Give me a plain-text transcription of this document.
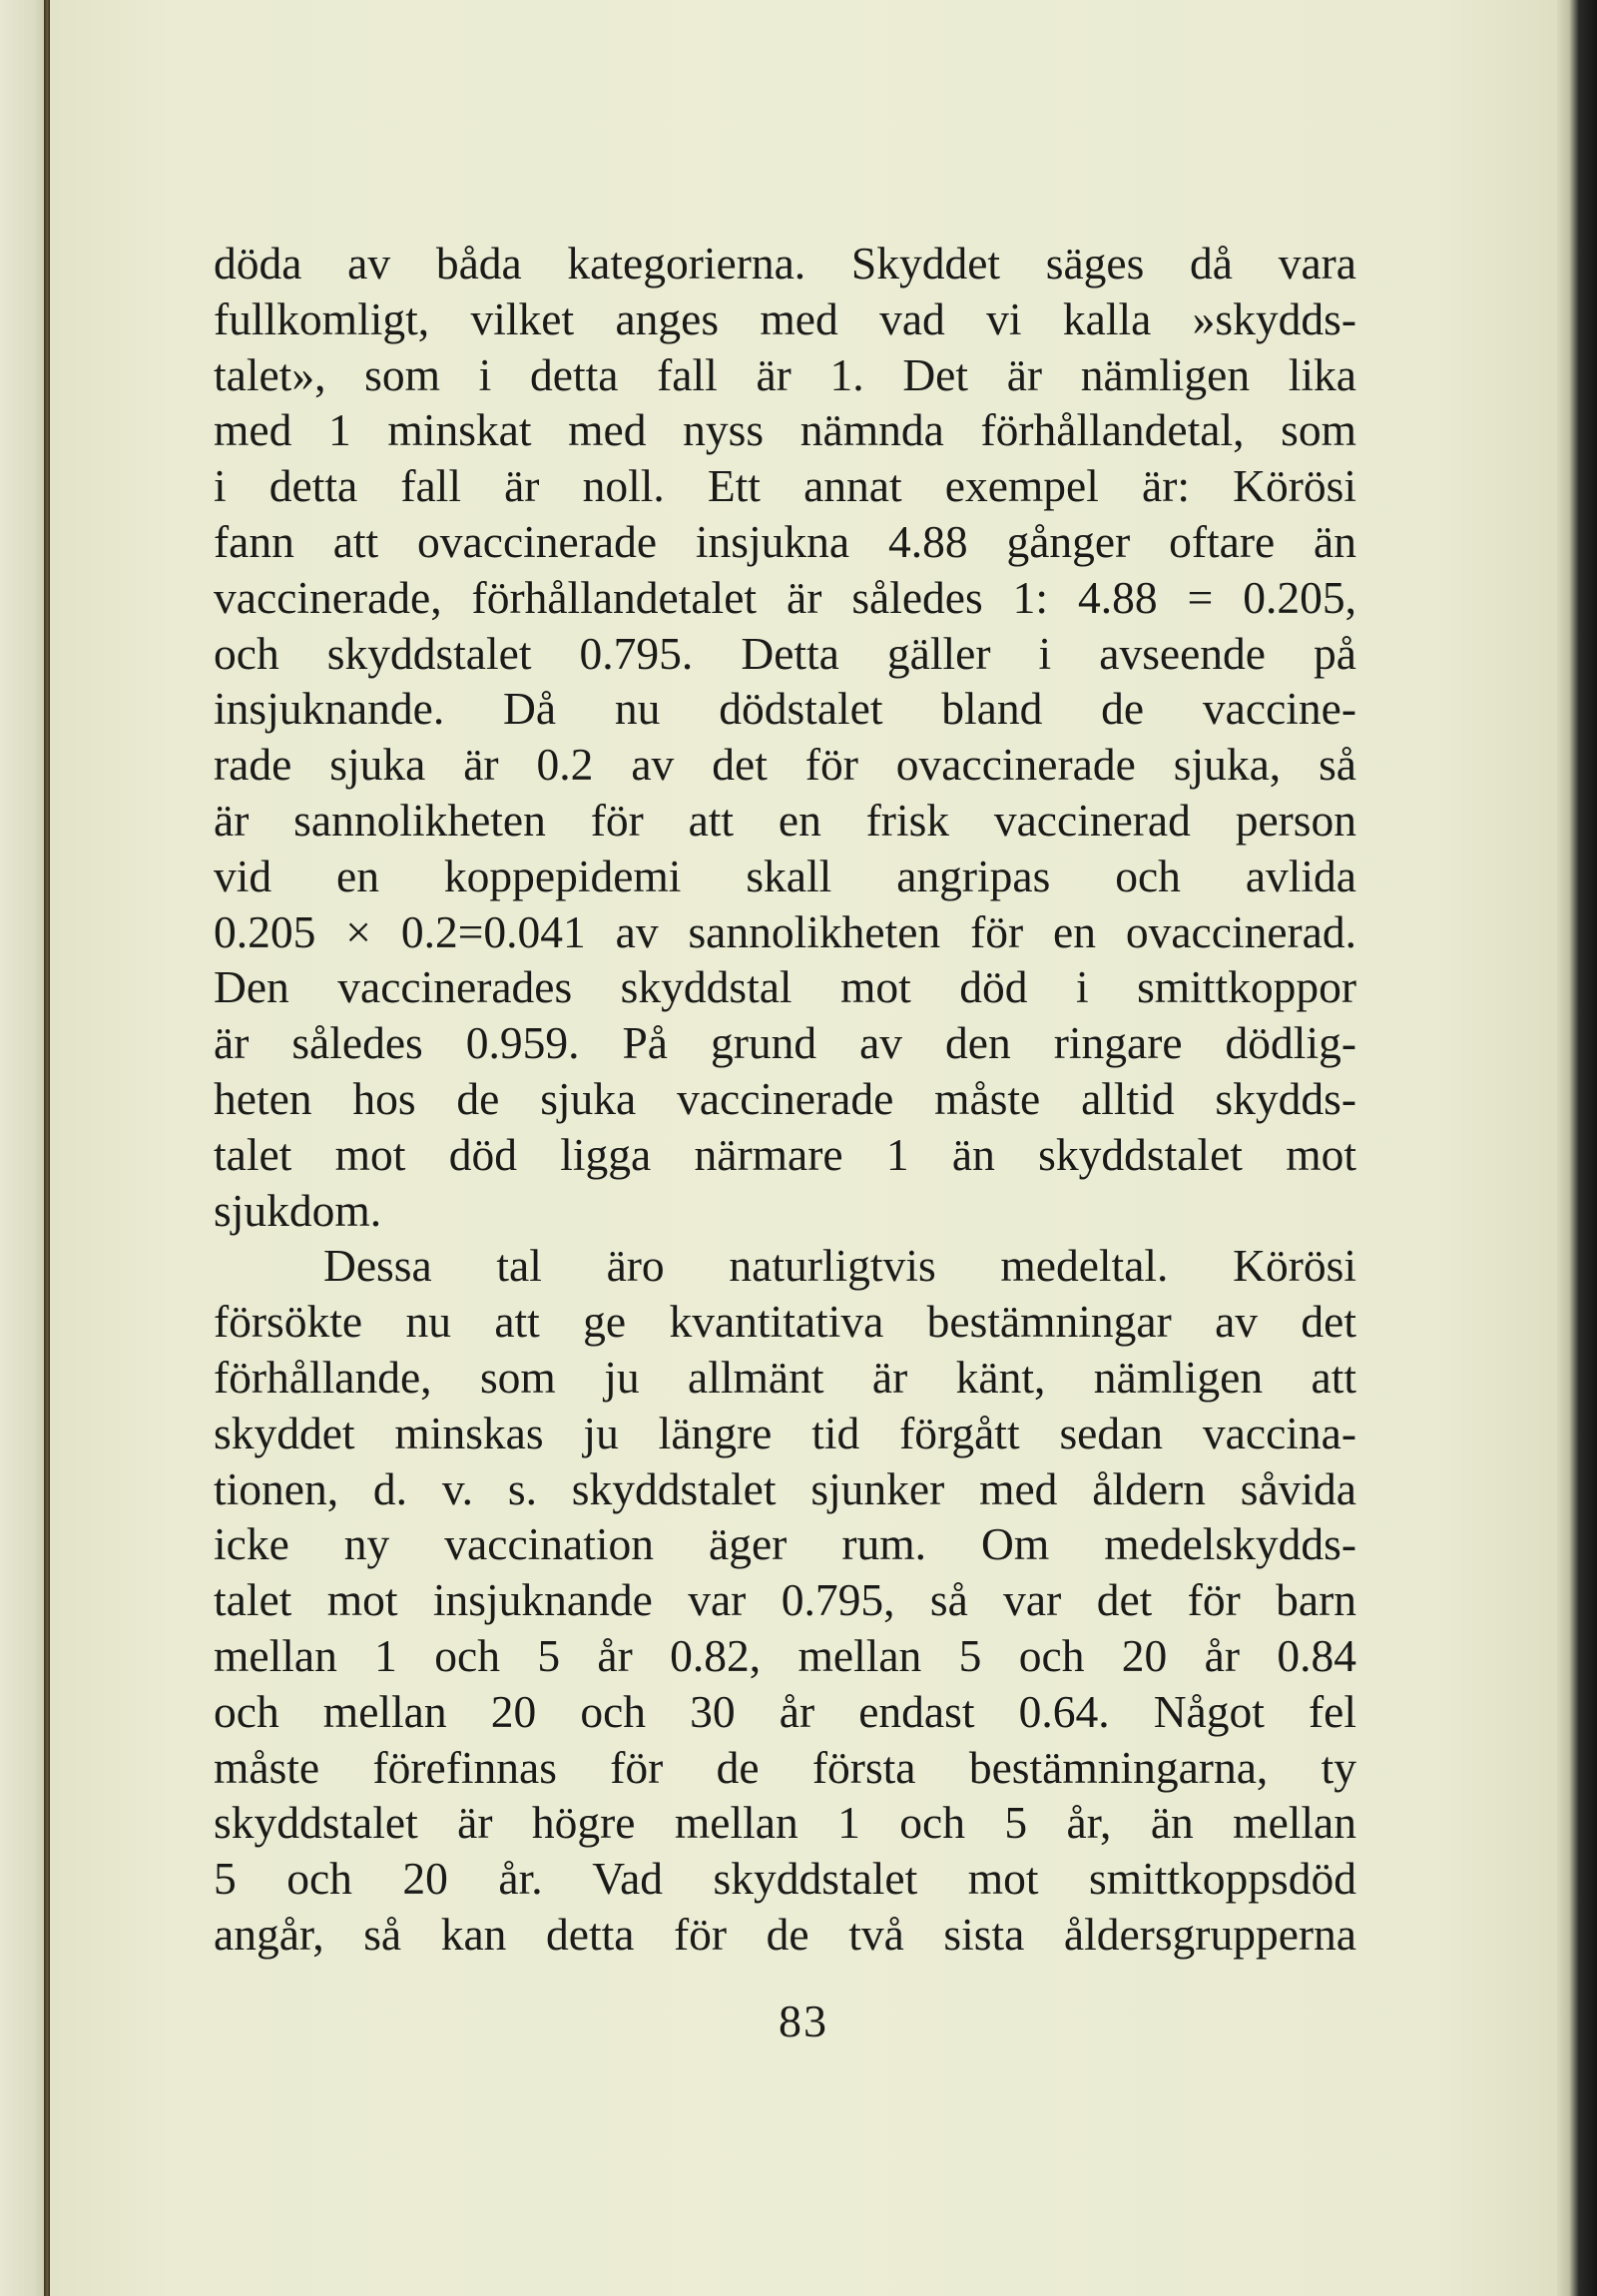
döda av båda kategorierna. Skyddet säges då vara
fullkomligt, vilket anges med vad vi kalla »skydds-
talet», som i detta fall är 1. Det är nämligen lika
med 1 minskat med nyss nämnda förhållandetal, som
i detta fall är noll. Ett annat exempel är: Körösi
fann att ovaccinerade insjukna 4.88 gånger oftare än
vaccinerade, förhållandetalet är således 1: 4.88 = 0.205,
och skyddstalet 0.795. Detta gäller i avseende på
insjuknande. Då nu dödstalet bland de vaccine-
rade sjuka är 0.2 av det för ovaccinerade sjuka, så
är sannolikheten för att en frisk vaccinerad person
vid en koppepidemi skall angripas och avlida
0.205 × 0.2=0.041 av sannolikheten för en ovaccinerad.
Den vaccinerades skyddstal mot död i smittkoppor
är således 0.959. På grund av den ringare dödlig-
heten hos de sjuka vaccinerade måste alltid skydds-
talet mot död ligga närmare 1 än skyddstalet mot
sjukdom.
Dessa tal äro naturligtvis medeltal. Körösi
försökte nu att ge kvantitativa bestämningar av det
förhållande, som ju allmänt är känt, nämligen att
skyddet minskas ju längre tid förgått sedan vaccina-
tionen, d. v. s. skyddstalet sjunker med åldern såvida
icke ny vaccination äger rum. Om medelskydds-
talet mot insjuknande var 0.795, så var det för barn
mellan 1 och 5 år 0.82, mellan 5 och 20 år 0.84
och mellan 20 och 30 år endast 0.64. Något fel
måste förefinnas för de första bestämningarna, ty
skyddstalet är högre mellan 1 och 5 år, än mellan
5 och 20 år. Vad skyddstalet mot smittkoppsdöd
angår, så kan detta för de två sista åldersgrupperna
83
